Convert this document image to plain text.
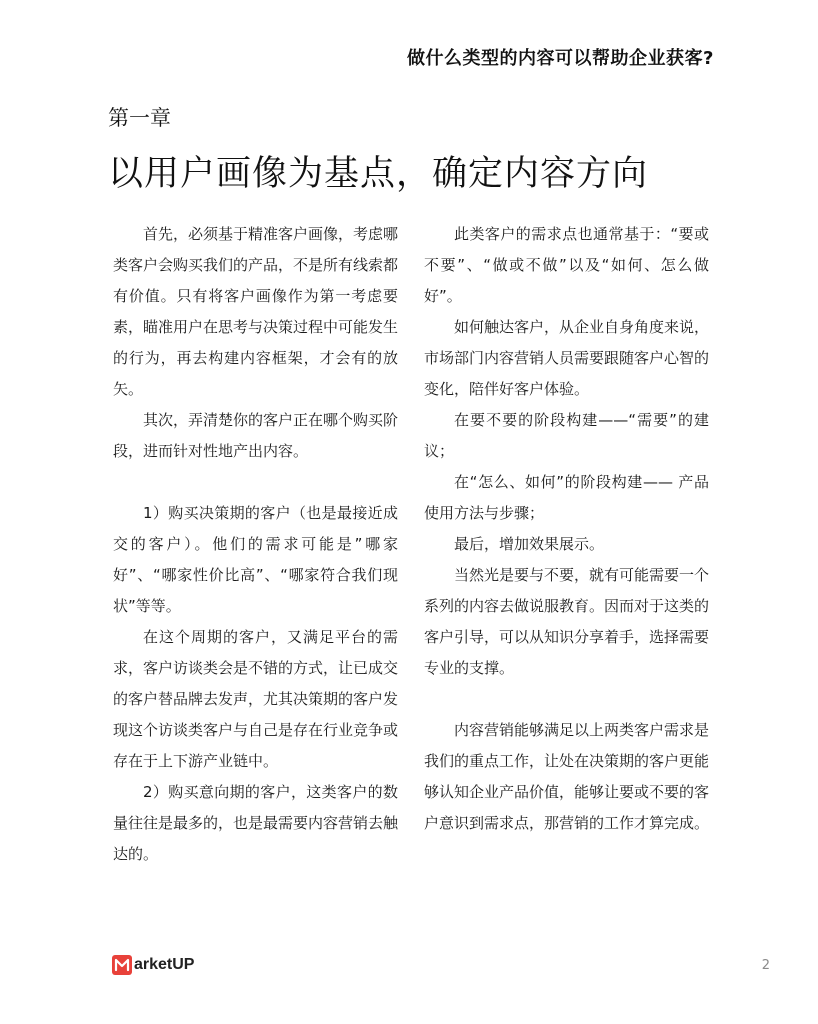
做什么类型的内容可以帮助企业获客?
第一章
以用户画像为基点，确定内容方向

首先，必须基于精准客户画像，考虑哪类客户会购买我们的产品，不是所有线索都有价值。只有将客户画像作为第一考虑要素，瞄准用户在思考与决策过程中可能发生的行为，再去构建内容框架，才会有的放矢。

其次，弄清楚你的客户正在哪个购买阶段，进而针对性地产出内容。

1）购买决策期的客户（也是最接近成交的客户）。他们的需求可能是”哪家好”、“哪家性价比高”、“哪家符合我们现状”等等。

在这个周期的客户，又满足平台的需求，客户访谈类会是不错的方式，让已成交的客户替品牌去发声，尤其决策期的客户发现这个访谈类客户与自己是存在行业竞争或存在于上下游产业链中。

2）购买意向期的客户，这类客户的数量往往是最多的，也是最需要内容营销去触达的。

此类客户的需求点也通常基于：“要或不要”、“做或不做”以及“如何、怎么做好”。

如何触达客户，从企业自身角度来说，市场部门内容营销人员需要跟随客户心智的变化，陪伴好客户体验。

在要不要的阶段构建——“需要”的建议；

在“怎么、如何”的阶段构建—— 产品使用方法与步骤；

最后，增加效果展示。

当然光是要与不要，就有可能需要一个系列的内容去做说服教育。因而对于这类的客户引导，可以从知识分享着手，选择需要专业的支撑。

内容营销能够满足以上两类客户需求是我们的重点工作，让处在决策期的客户更能够认知企业产品价值，能够让要或不要的客户意识到需求点，那营销的工作才算完成。

arketUP	2
